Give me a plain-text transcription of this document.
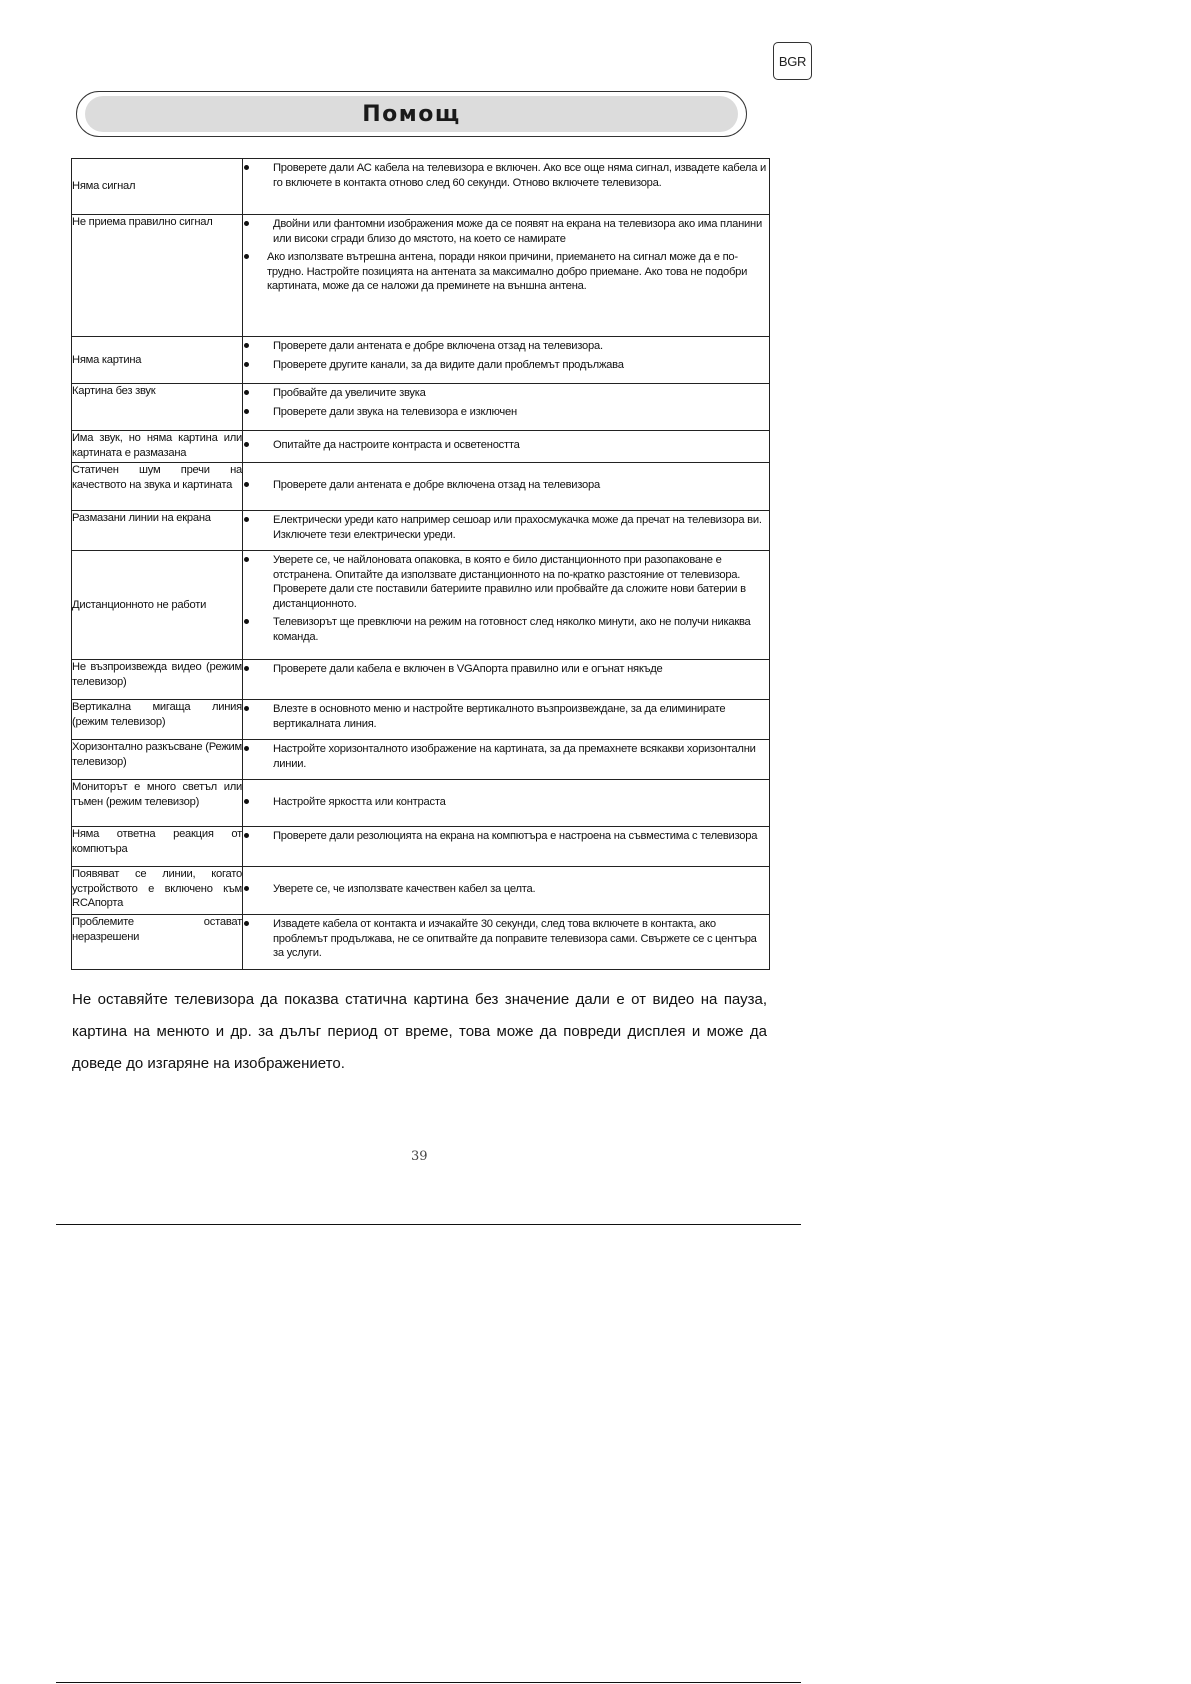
BGR
Помощ
Няма сигнал	Проверете дали АС кабела на телевизора е включен. Ако все още няма сигнал, извадете кабела и го включете в контакта отново след 60 секунди. Отново включете телевизора.

Не приема правилно сигнал	Двойни или фантомни изображения може да се появят на екрана на телевизора ако има планини или високи сгради близо до мястото, на което се намирате
Ако използвате вътрешна антена, поради някои причини, приемането на сигнал може да е по-трудно. Настройте позицията на антената за максимално добро приемане. Ако това не подобри картината, може да се наложи да преминете на външна антена.

Няма картина	Проверете дали антената е добре включена отзад на телевизора.
Проверете другите канали, за да видите дали проблемът продължава

Картина без звук	Пробвайте да увеличите звука
Проверете дали звука на телевизора е изключен

Има звук, но няма картина или картината е размазана	Опитайте да настроите контраста и осветеността

Статичен шум пречи на качеството на звука и картината	Проверете дали антената е добре включена отзад на телевизора

Размазани линии на екрана	Електрически уреди като например сешоар или прахосмукачка може да пречат на телевизора ви. Изключете тези електрически уреди.

Дистанционното не работи	Уверете се, че найлоновата опаковка, в която е било дистанционното при разопаковане е отстранена. Опитайте да използвате дистанционното на по-кратко разстояние от телевизора. Проверете дали сте поставили батериите правилно или пробвайте да сложите нови батерии в дистанционното.
Телевизорът ще превключи на режим на готовност след няколко минути, ако не получи никаква команда.

Не възпроизвежда видео (режим телевизор)	Проверете дали кабела е включен в VGAпорта правилно или е огънат някъде

Вертикална мигаща линия (режим телевизор)	Влезте в основното меню и настройте вертикалното възпроизвеждане, за да елиминирате вертикалната линия.

Хоризонтално разкъсване (Режим телевизор)	Настройте хоризонталното изображение на картината, за да премахнете всякакви хоризонтални линии.

Мониторът е много светъл или тъмен (режим телевизор)	Настройте яркостта или контраста

Няма ответна реакция от компютъра	Проверете дали резолюцията на екрана на компютъра е настроена на съвместима с телевизора

Появяват се линии, когато устройството е включено към RCAпорта	Уверете се, че използвате качествен кабел за целта.

Проблемите остават неразрешени	Извадете кабела от контакта и изчакайте 30 секунди, след това включете в контакта, ако проблемът продължава, не се опитвайте да поправите телевизора сами. Свържете се с центъра за услуги.

Не оставяйте телевизора да показва статична картина без значение дали е от видео на пауза, картина на менюто и др. за дълъг период от време, това може да повреди дисплея и може да доведе до изгаряне на изображението.

39
